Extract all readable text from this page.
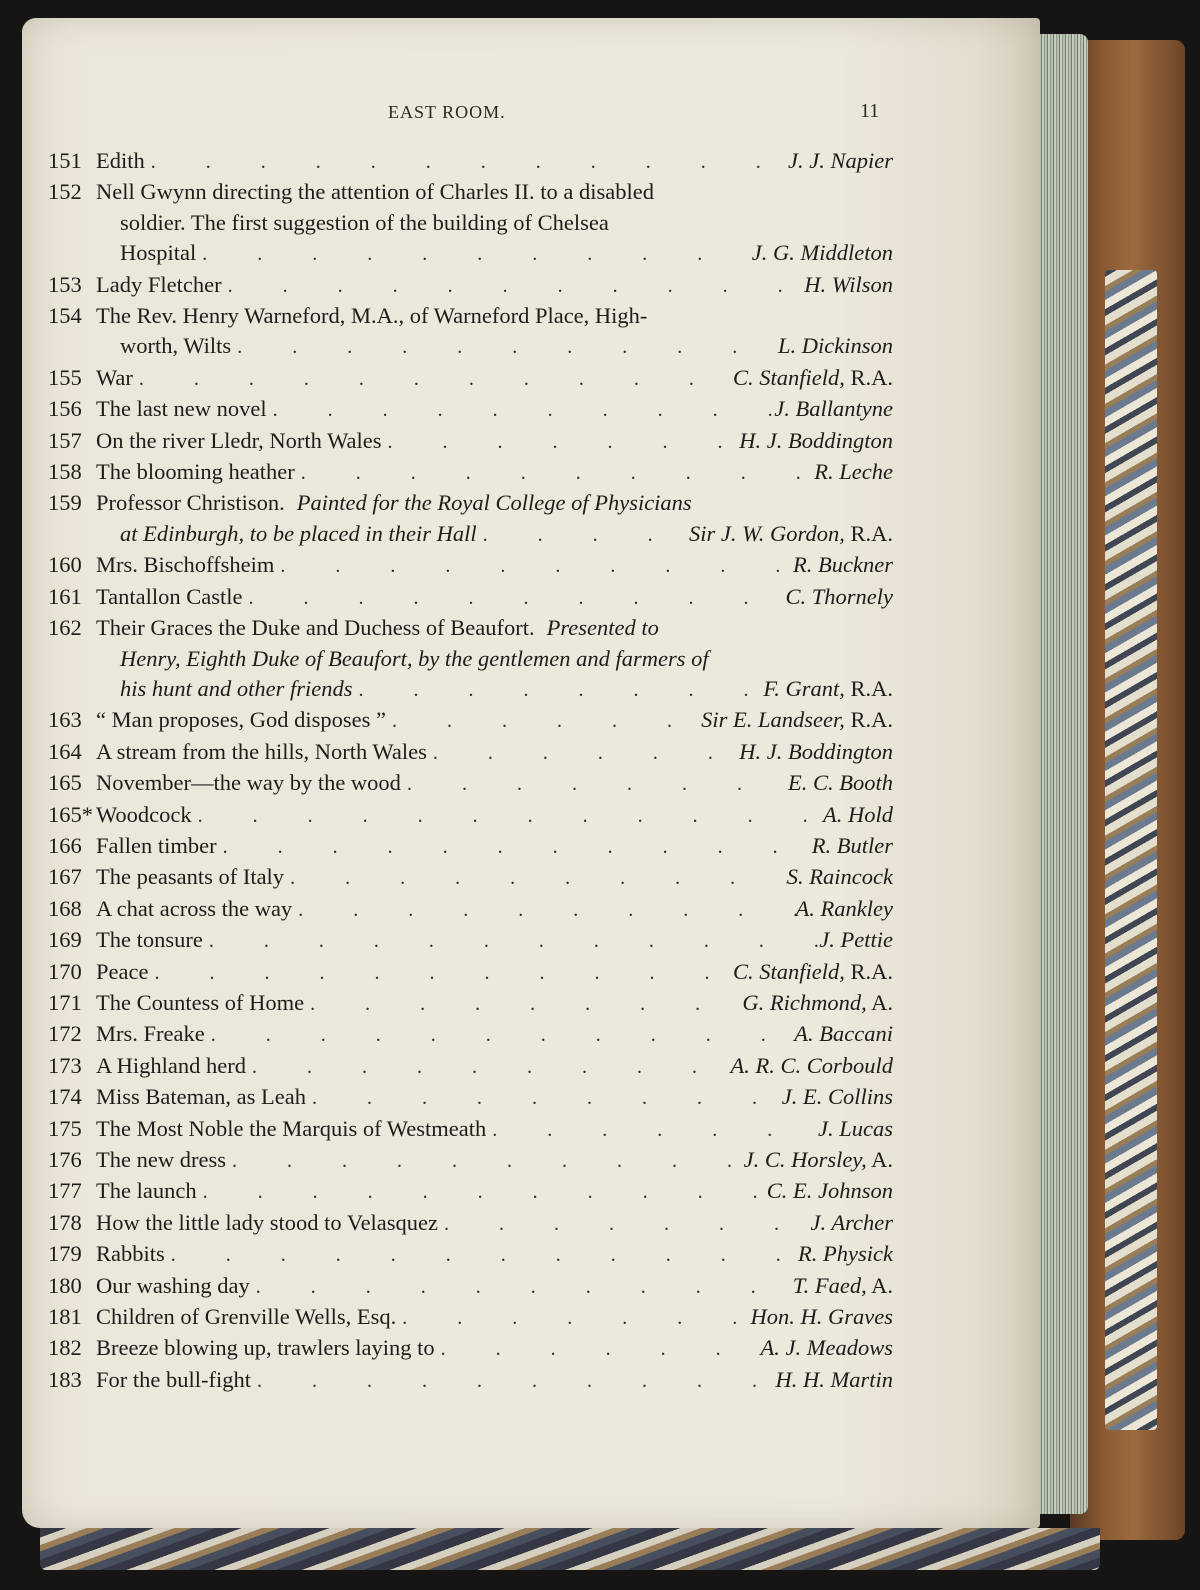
EAST ROOM.	11
151 Edith .	J. J. Napier
152 Nell Gwynn directing the attention of Charles II. to a disabled
soldier. The first suggestion of the building of Chelsea
Hospital .	J. G. Middleton
153 Lady Fletcher .	H. Wilson
154 The Rev. Henry Warneford, M.A., of Warneford Place, High-
worth, Wilts .	L. Dickinson
155 War .	C. Stanfield, R.A.
156 The last new novel .	J. Ballantyne
157 On the river Lledr, North Wales .	H. J. Boddington
158 The blooming heather .	R. Leche
159 Professor Christison. Painted for the Royal College of Physicians
at Edinburgh, to be placed in their Hall .	Sir J. W. Gordon, R.A.
160 Mrs. Bischoffsheim .	R. Buckner
161 Tantallon Castle .	C. Thornely
162 Their Graces the Duke and Duchess of Beaufort. Presented to
Henry, Eighth Duke of Beaufort, by the gentlemen and farmers of
his hunt and other friends .	F. Grant, R.A.
163 “ Man proposes, God disposes ” .	Sir E. Landseer, R.A.
164 A stream from the hills, North Wales .	H. J. Boddington
165 November—the way by the wood .	E. C. Booth
165* Woodcock .	A. Hold
166 Fallen timber .	R. Butler
167 The peasants of Italy .	S. Raincock
168 A chat across the way .	A. Rankley
169 The tonsure .	J. Pettie
170 Peace .	C. Stanfield, R.A.
171 The Countess of Home .	G. Richmond, A.
172 Mrs. Freake .	A. Baccani
173 A Highland herd .	A. R. C. Corbould
174 Miss Bateman, as Leah .	J. E. Collins
175 The Most Noble the Marquis of Westmeath .	J. Lucas
176 The new dress .	J. C. Horsley, A.
177 The launch .	C. E. Johnson
178 How the little lady stood to Velasquez .	J. Archer
179 Rabbits .	R. Physick
180 Our washing day .	T. Faed, A.
181 Children of Grenville Wells, Esq. .	Hon. H. Graves
182 Breeze blowing up, trawlers laying to .	A. J. Meadows
183 For the bull-fight .	H. H. Martin
